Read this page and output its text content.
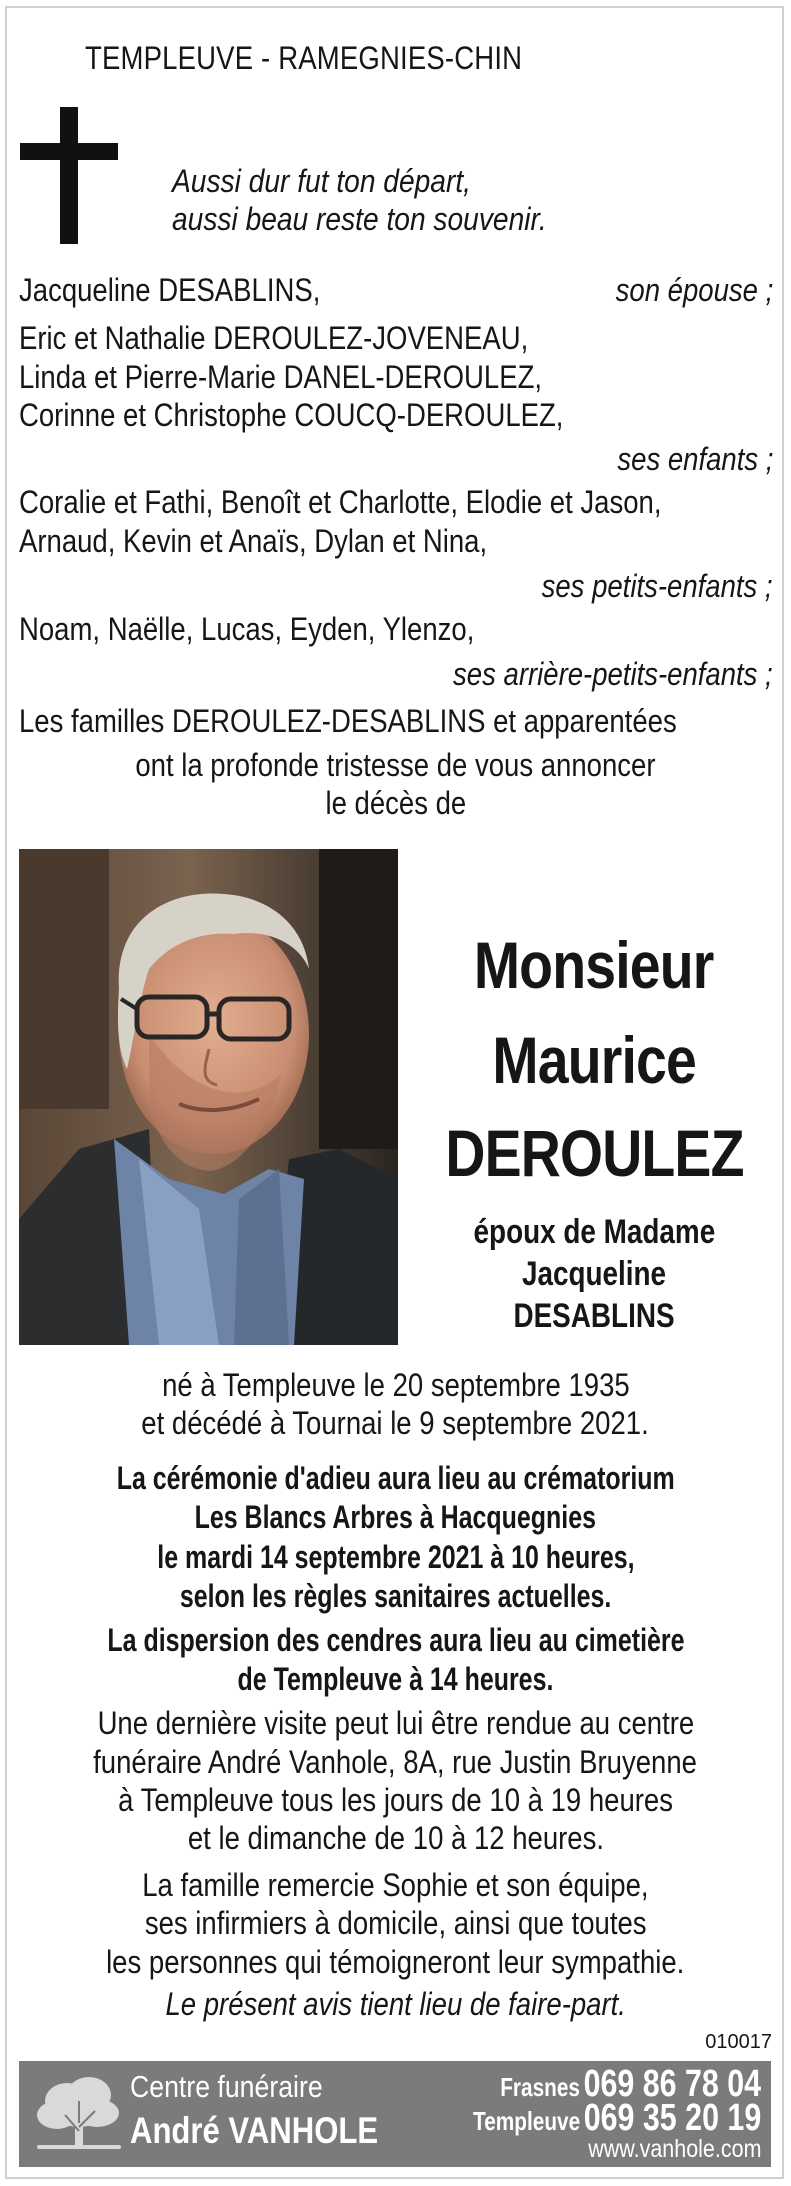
TEMPLEUVE - RAMEGNIES-CHIN
Aussi dur fut ton départ,
aussi beau reste ton souvenir.
Jacqueline DESABLINS,	son épouse ;
Eric et Nathalie DEROULEZ-JOVENEAU,
Linda et Pierre-Marie DANEL-DEROULEZ,
Corinne et Christophe COUCQ-DEROULEZ,
ses enfants ;
Coralie et Fathi, Benoît et Charlotte, Elodie et Jason,
Arnaud, Kevin et Anaïs, Dylan et Nina,
ses petits-enfants ;
Noam, Naëlle, Lucas, Eyden, Ylenzo,
ses arrière-petits-enfants ;
Les familles DEROULEZ-DESABLINS et apparentées
ont la profonde tristesse de vous annoncer
le décès de
Monsieur
Maurice
DEROULEZ
époux de Madame
Jacqueline DESABLINS
né à Templeuve le 20 septembre 1935
et décédé à Tournai le 9 septembre 2021.
La cérémonie d'adieu aura lieu au crématorium
Les Blancs Arbres à Hacquegnies
le mardi 14 septembre 2021 à 10 heures,
selon les règles sanitaires actuelles.
La dispersion des cendres aura lieu au cimetière
de Templeuve à 14 heures.
Une dernière visite peut lui être rendue au centre
funéraire André Vanhole, 8A, rue Justin Bruyenne
à Templeuve tous les jours de 10 à 19 heures
et le dimanche de 10 à 12 heures.
La famille remercie Sophie et son équipe,
ses infirmiers à domicile, ainsi que toutes
les personnes qui témoigneront leur sympathie.
Le présent avis tient lieu de faire-part.
010017
Centre funéraire
André VANHOLE
Frasnes 069 86 78 04
Templeuve 069 35 20 19
www.vanhole.com
